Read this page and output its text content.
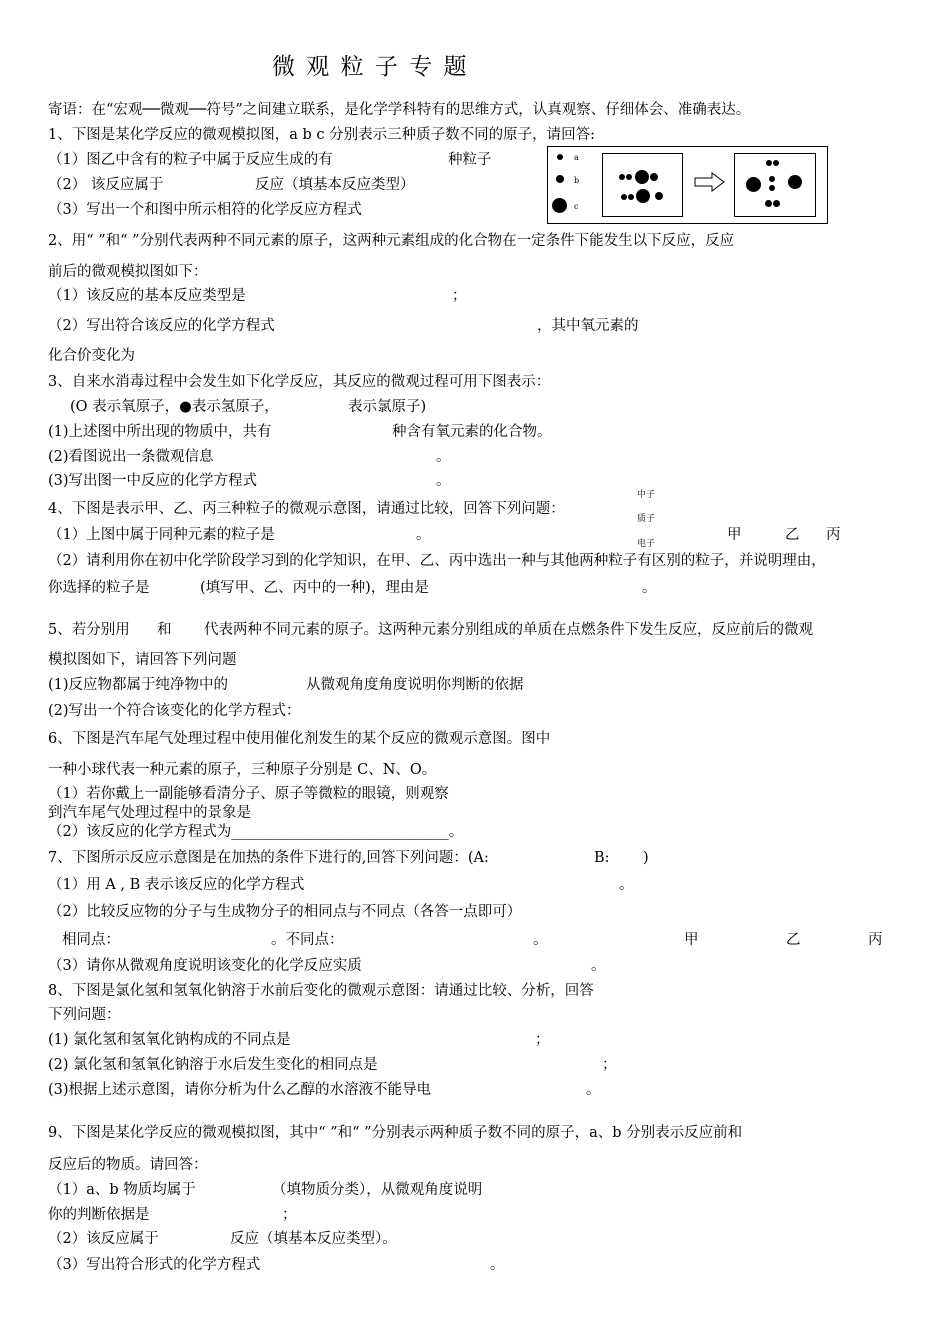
微 观 粒 子 专 题
寄语：在“宏观──微观──符号”之间建立联系，是化学学科特有的思维方式，认真观察、仔细体会、准确表达。
1、下图是某化学反应的微观模拟图，a b c 分别表示三种质子数不同的原子，请回答:
（1）图乙中含有的粒子中属于反应生成的有	种粒子
（2） 该反应属于	反应（填基本反应类型）
（3）写出一个和图中所示相符的化学反应方程式
a
b
c
2、用“ ”和“ ”分别代表两种不同元素的原子，这两种元素组成的化合物在一定条件下能发生以下反应，反应
前后的微观模拟图如下：
（1）该反应的基本反应类型是	；
（2）写出符合该反应的化学方程式	，其中氧元素的
化合价变化为
3、自来水消毒过程中会发生如下化学反应，其反应的微观过程可用下图表示：
(O 表示氧原子，●表示氢原子，	表示氯原子)
(1)上述图中所出现的物质中，共有	种含有氧元素的化合物。
(2)看图说出一条微观信息	。
(3)写出图一中反应的化学方程式	。
4、下图是表示甲、乙、丙三种粒子的微观示意图，请通过比较，回答下列问题：
中子
质子
电子
（1）上图中属于同种元素的粒子是	。	甲	乙 丙
（2）请利用你在初中化学阶段学习到的化学知识，在甲、乙、丙中选出一种与其他两种粒子有区别的粒子，并说明理由，
你选择的粒子是	(填写甲、乙、丙中的一种)，理由是	。
5、若分别用 和 代表两种不同元素的原子。这两种元素分别组成的单质在点燃条件下发生反应，反应前后的微观
模拟图如下，请回答下列问题
(1)反应物都属于纯净物中的	从微观角度角度说明你判断的依据
(2)写出一个符合该变化的化学方程式：
6、下图是汽车尾气处理过程中使用催化剂发生的某个反应的微观示意图。图中
一种小球代表一种元素的原子，三种原子分别是 C、N、O。
（1）若你戴上一副能够看清分子、原子等微粒的眼镜，则观察
到汽车尾气处理过程中的景象是
（2）该反应的化学方程式为______________________________。
7、下图所示反应示意图是在加热的条件下进行的,回答下列问题：(A:	B: )
（1）用 A , B 表示该反应的化学方程式	。
（2）比较反应物的分子与生成物分子的相同点与不同点（各答一点即可）
相同点：	。不同点：	。	甲	乙	丙
（3）请你从微观角度说明该变化的化学反应实质	。
8、下图是氯化氢和氢氧化钠溶于水前后变化的微观示意图：请通过比较、分析，回答
下列问题：
(1) 氯化氢和氢氧化钠构成的不同点是	；
(2) 氯化氢和氢氧化钠溶于水后发生变化的相同点是	；
(3)根据上述示意图，请你分析为什么乙醇的水溶液不能导电	。
9、下图是某化学反应的微观模拟图，其中“ ”和“ ”分别表示两种质子数不同的原子，a、b 分别表示反应前和
反应后的物质。请回答：
（1）a、b 物质均属于	（填物质分类），从微观角度说明
你的判断依据是	；
（2）该反应属于	反应（填基本反应类型）。
（3）写出符合形式的化学方程式	。
